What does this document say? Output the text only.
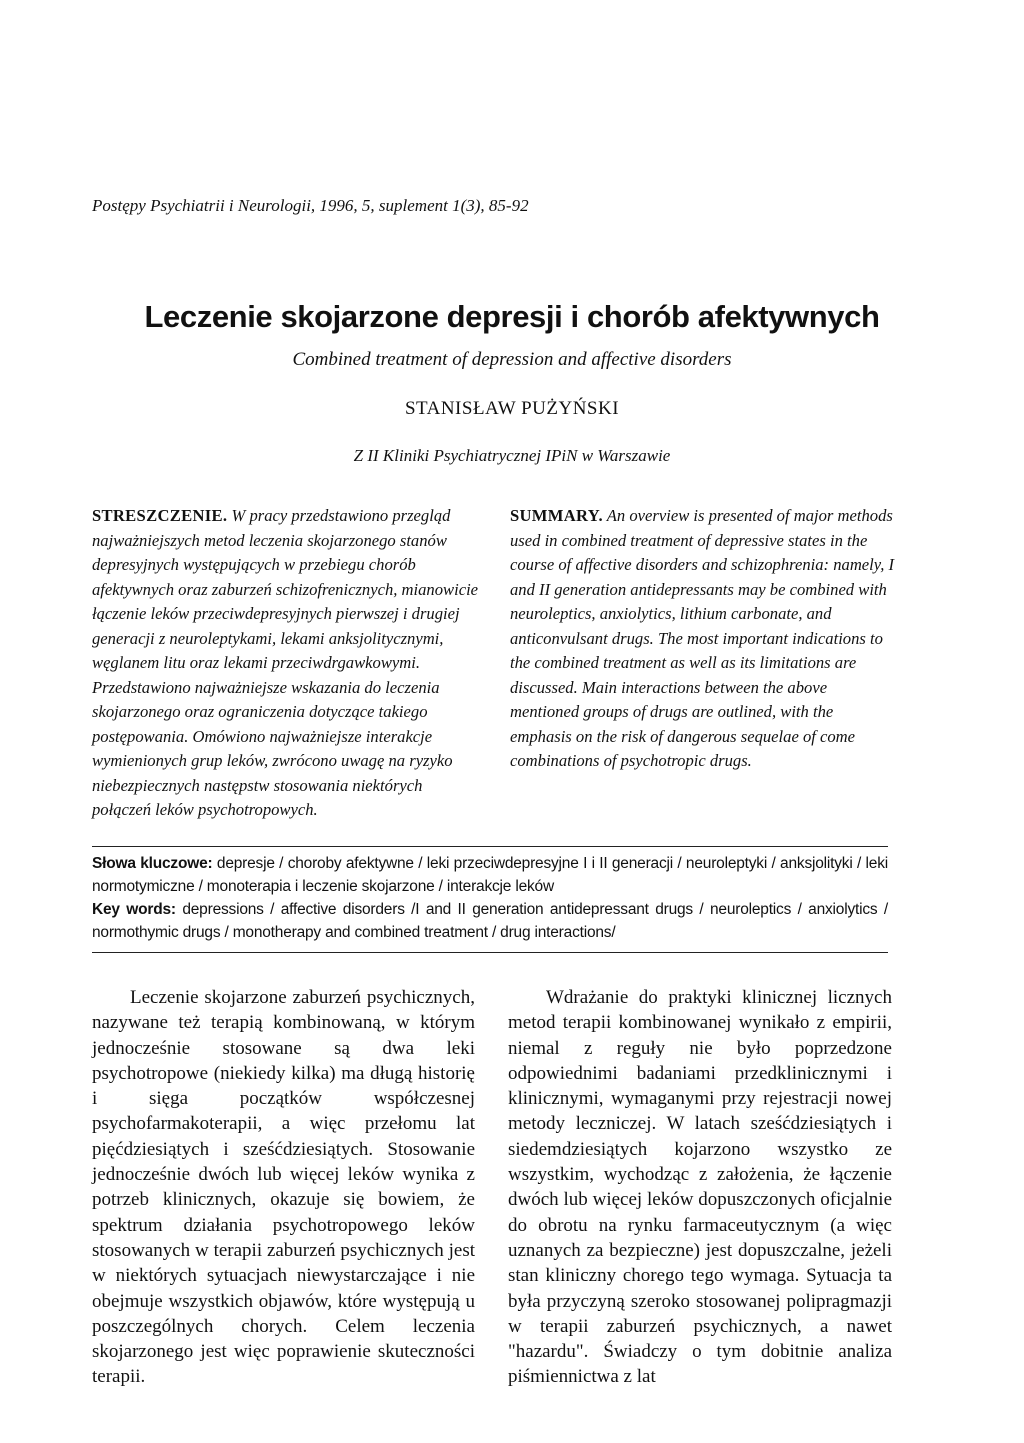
Postępy Psychiatrii i Neurologii, 1996, 5, suplement 1(3), 85-92
Leczenie skojarzone depresji i chorób afektywnych
Combined treatment of depression and affective disorders
STANISŁAW PUŻYŃSKI
Z II Kliniki Psychiatrycznej IPiN w Warszawie
STRESZCZENIE. W pracy przedstawiono przegląd najważniejszych metod leczenia skojarzonego stanów depresyjnych występujących w przebiegu chorób afektywnych oraz zaburzeń schizofrenicznych, mianowicie łączenie leków przeciwdepresyjnych pierwszej i drugiej generacji z neuroleptykami, lekami anksjolitycznymi, węglanem litu oraz lekami przeciwdrgawkowymi. Przedstawiono najważniejsze wskazania do leczenia skojarzonego oraz ograniczenia dotyczące takiego postępowania. Omówiono najważniejsze interakcje wymienionych grup leków, zwrócono uwagę na ryzyko niebezpiecznych następstw stosowania niektórych połączeń leków psychotropowych.
SUMMARY. An overview is presented of major methods used in combined treatment of depressive states in the course of affective disorders and schizophrenia: namely, I and II generation antidepressants may be combined with neuroleptics, anxiolytics, lithium carbonate, and anticonvulsant drugs. The most important indications to the combined treatment as well as its limitations are discussed. Main interactions between the above mentioned groups of drugs are outlined, with the emphasis on the risk of dangerous sequelae of come combinations of psychotropic drugs.
Słowa kluczowe: depresje / choroby afektywne / leki przeciwdepresyjne I i II generacji / neuroleptyki / anksjolityki / leki normotymiczne / monoterapia i leczenie skojarzone / interakcje leków
Key words: depressions / affective disorders /I and II generation antidepressant drugs / neuroleptics / anxiolytics / normothymic drugs / monotherapy and combined treatment / drug interactions/

Leczenie skojarzone zaburzeń psychicznych, nazywane też terapią kombinowaną, w którym jednocześnie stosowane są dwa leki psychotropowe (niekiedy kilka) ma długą historię i sięga początków współczesnej psychofarmakoterapii, a więc przełomu lat pięćdziesiątych i sześćdziesiątych. Stosowanie jednocześnie dwóch lub więcej leków wynika z potrzeb klinicznych, okazuje się bowiem, że spektrum działania psychotropowego leków stosowanych w terapii zaburzeń psychicznych jest w niektórych sytuacjach niewystarczające i nie obejmuje wszystkich objawów, które występują u poszczególnych chorych. Celem leczenia skojarzonego jest więc poprawienie skuteczności terapii.

Wdrażanie do praktyki klinicznej licznych metod terapii kombinowanej wynikało z empirii, niemal z reguły nie było poprzedzone odpowiednimi badaniami przedklinicznymi i klinicznymi, wymaganymi przy rejestracji nowej metody leczniczej. W latach sześćdziesiątych i siedemdziesiątych kojarzono wszystko ze wszystkim, wychodząc z założenia, że łączenie dwóch lub więcej leków dopuszczonych oficjalnie do obrotu na rynku farmaceutycznym (a więc uznanych za bezpieczne) jest dopuszczalne, jeżeli stan kliniczny chorego tego wymaga. Sytuacja ta była przyczyną szeroko stosowanej polipragmazji w terapii zaburzeń psychicznych, a nawet "hazardu". Świadczy o tym dobitnie analiza piśmiennictwa z lat
